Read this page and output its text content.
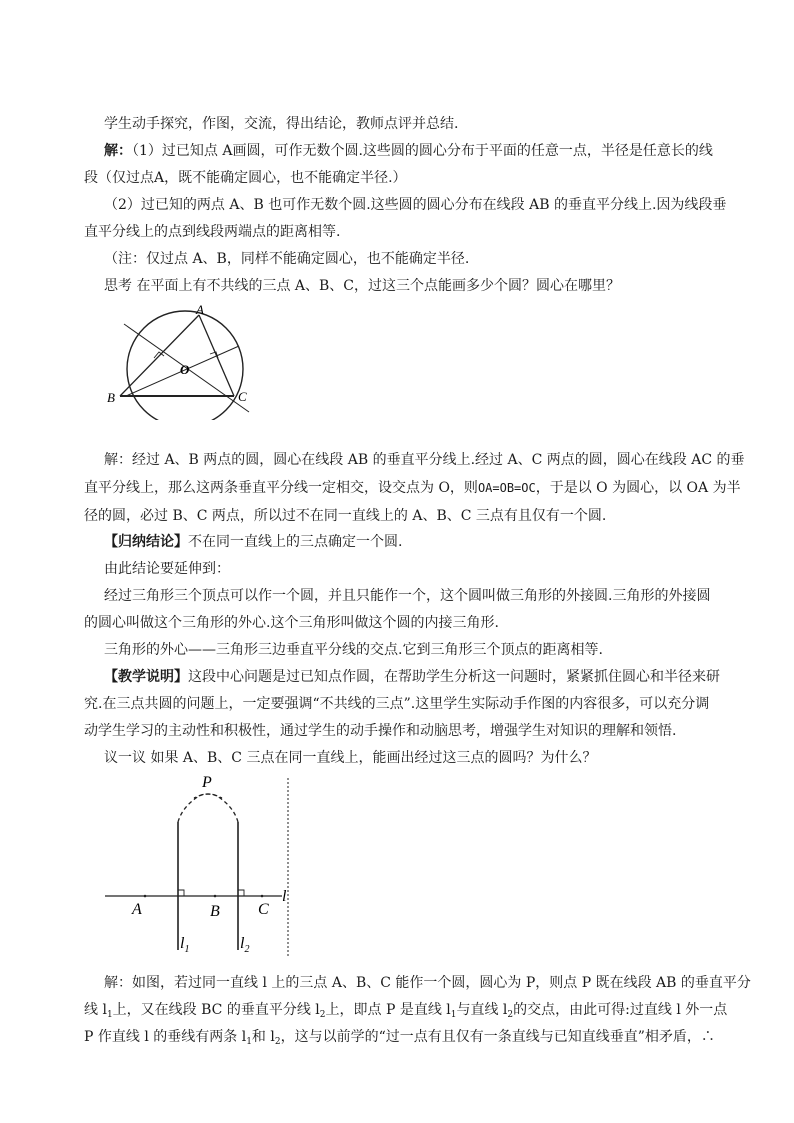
学生动手探究，作图，交流，得出结论，教师点评并总结.
解：（1）过已知点 A画圆，可作无数个圆.这些圆的圆心分布于平面的任意一点，半径是任意长的线
段（仅过点A，既不能确定圆心，也不能确定半径.）
（2）过已知的两点 A、B 也可作无数个圆.这些圆的圆心分布在线段 AB 的垂直平分线上.因为线段垂
直平分线上的点到线段两端点的距离相等.
（注：仅过点 A、B，同样不能确定圆心，也不能确定半径.
思考 在平面上有不共线的三点 A、B、C，过这三个点能画多少个圆？圆心在哪里？
A
B	C
O
解：经过 A、B 两点的圆，圆心在线段 AB 的垂直平分线上.经过 A、C 两点的圆，圆心在线段 AC 的垂
直平分线上，那么这两条垂直平分线一定相交，设交点为 O，则OA=OB=OC，于是以 O 为圆心，以 OA 为半
径的圆，必过 B、C 两点，所以过不在同一直线上的 A、B、C 三点有且仅有一个圆.
【归纳结论】不在同一直线上的三点确定一个圆.
由此结论要延伸到：
经过三角形三个顶点可以作一个圆，并且只能作一个，这个圆叫做三角形的外接圆.三角形的外接圆
的圆心叫做这个三角形的外心.这个三角形叫做这个圆的内接三角形.
三角形的外心——三角形三边垂直平分线的交点.它到三角形三个顶点的距离相等.
【教学说明】这段中心问题是过已知点作圆，在帮助学生分析这一问题时，紧紧抓住圆心和半径来研
究.在三点共圆的问题上，一定要强调“不共线的三点”.这里学生实际动手作图的内容很多，可以充分调
动学生学习的主动性和积极性，通过学生的动手操作和动脑思考，增强学生对知识的理解和领悟.
议一议 如果 A、B、C 三点在同一直线上，能画出经过这三点的圆吗？为什么？
P
A	B C
l
$l_1$	$l_2$
解：如图，若过同一直线 l 上的三点 A、B、C 能作一个圆，圆心为 P，则点 P 既在线段 AB 的垂直平分
线 $l_1$上，又在线段 BC 的垂直平分线 $l_2$上，即点 P 是直线 $l_1$与直线 $l_2$的交点，由此可得:过直线 l 外一点
P 作直线 l 的垂线有两条 $l_1$和 $l_2$，这与以前学的“过一点有且仅有一条直线与已知直线垂直”相矛盾，∴
